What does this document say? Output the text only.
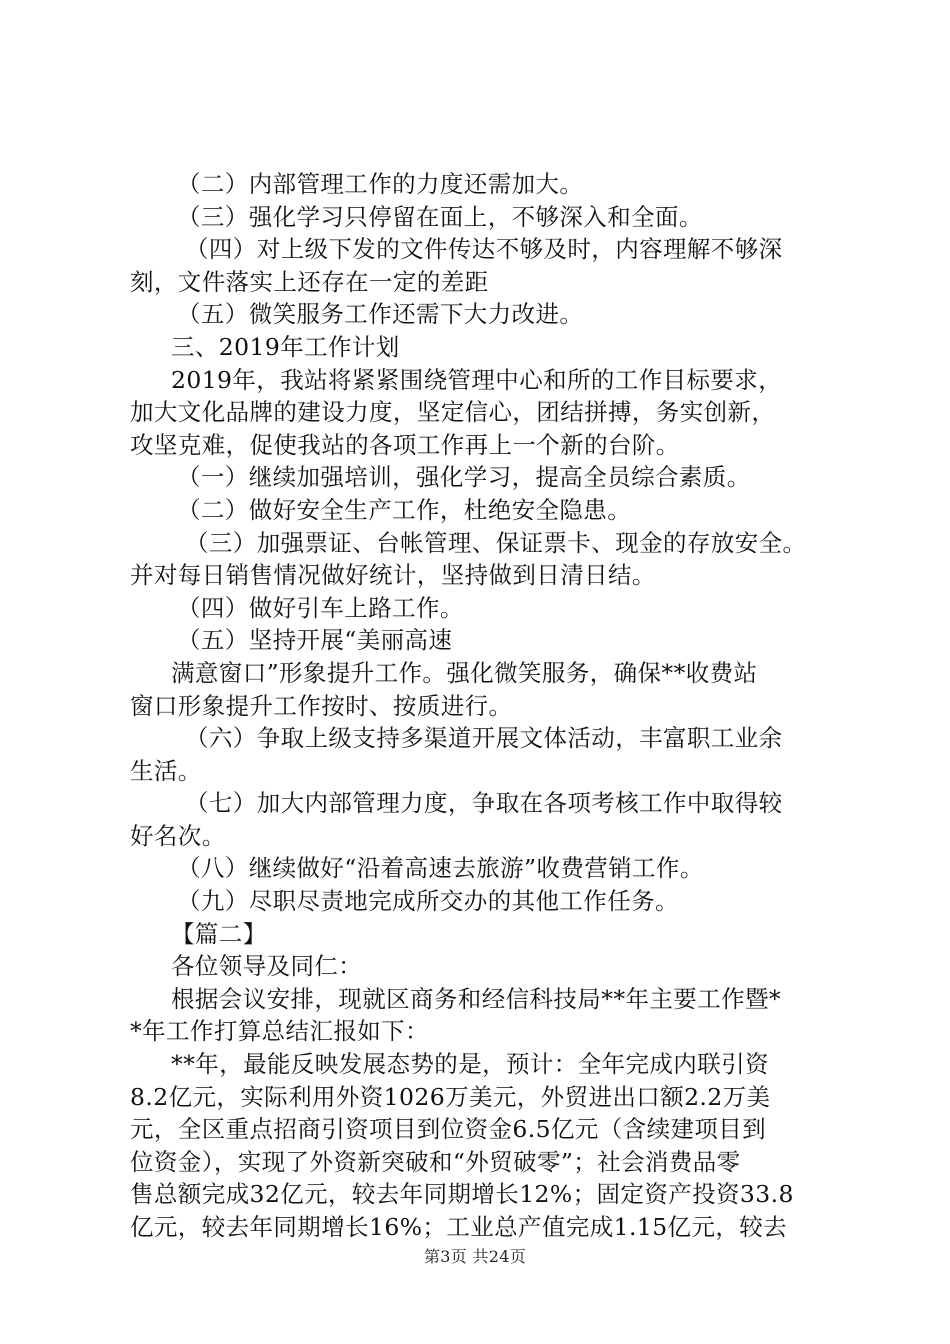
（二）内部管理工作的力度还需加大。
（三）强化学习只停留在面上，不够深入和全面。
（四）对上级下发的文件传达不够及时，内容理解不够深
刻，文件落实上还存在一定的差距
（五）微笑服务工作还需下大力改进。
三、2019年工作计划
2019年，我站将紧紧围绕管理中心和所的工作目标要求，
加大文化品牌的建设力度，坚定信心，团结拼搏，务实创新，
攻坚克难，促使我站的各项工作再上一个新的台阶。
（一）继续加强培训，强化学习，提高全员综合素质。
（二）做好安全生产工作，杜绝安全隐患。
（三）加强票证、台帐管理、保证票卡、现金的存放安全。
并对每日销售情况做好统计，坚持做到日清日结。
（四）做好引车上路工作。
（五）坚持开展“美丽高速
满意窗口”形象提升工作。强化微笑服务，确保**收费站
窗口形象提升工作按时、按质进行。
（六）争取上级支持多渠道开展文体活动，丰富职工业余
生活。
（七）加大内部管理力度，争取在各项考核工作中取得较
好名次。
（八）继续做好“沿着高速去旅游”收费营销工作。
（九）尽职尽责地完成所交办的其他工作任务。
【篇二】
各位领导及同仁：
根据会议安排，现就区商务和经信科技局**年主要工作暨*
*年工作打算总结汇报如下：
**年，最能反映发展态势的是，预计：全年完成内联引资
8.2亿元，实际利用外资1026万美元，外贸进出口额2.2万美
元，全区重点招商引资项目到位资金6.5亿元（含续建项目到
位资金），实现了外资新突破和“外贸破零”；社会消费品零
售总额完成32亿元，较去年同期增长12%；固定资产投资33.8
亿元，较去年同期增长16%；工业总产值完成1.15亿元，较去
第3页 共24页
